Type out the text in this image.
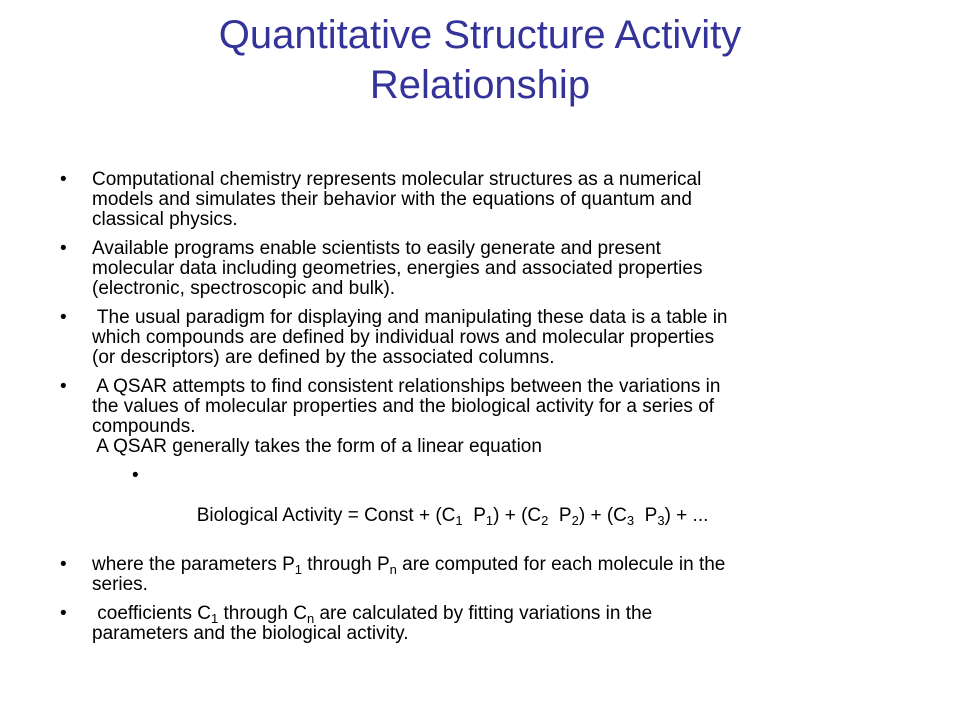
Quantitative Structure Activity
Relationship
•	Computational chemistry represents molecular structures as a numerical
models and simulates their behavior with the equations of quantum and
classical physics.
•	Available programs enable scientists to easily generate and present
molecular data including geometries, energies and associated properties
(electronic, spectroscopic and bulk).
•	The usual paradigm for displaying and manipulating these data is a table in
which compounds are defined by individual rows and molecular properties
(or descriptors) are defined by the associated columns.
•	A QSAR attempts to find consistent relationships between the variations in
the values of molecular properties and the biological activity for a series of
compounds.
A QSAR generally takes the form of a linear equation

•

Biological Activity = Const + ($C_1$  $P_1) + (C_2$  $P_2) + (C_3$  $P_3$) + ...

•	where the parameters $P_1$ through $P_n$ are computed for each molecule in the
series.
•	coefficients $C_1$ through $C_n$ are calculated by fitting variations in the
parameters and the biological activity.
